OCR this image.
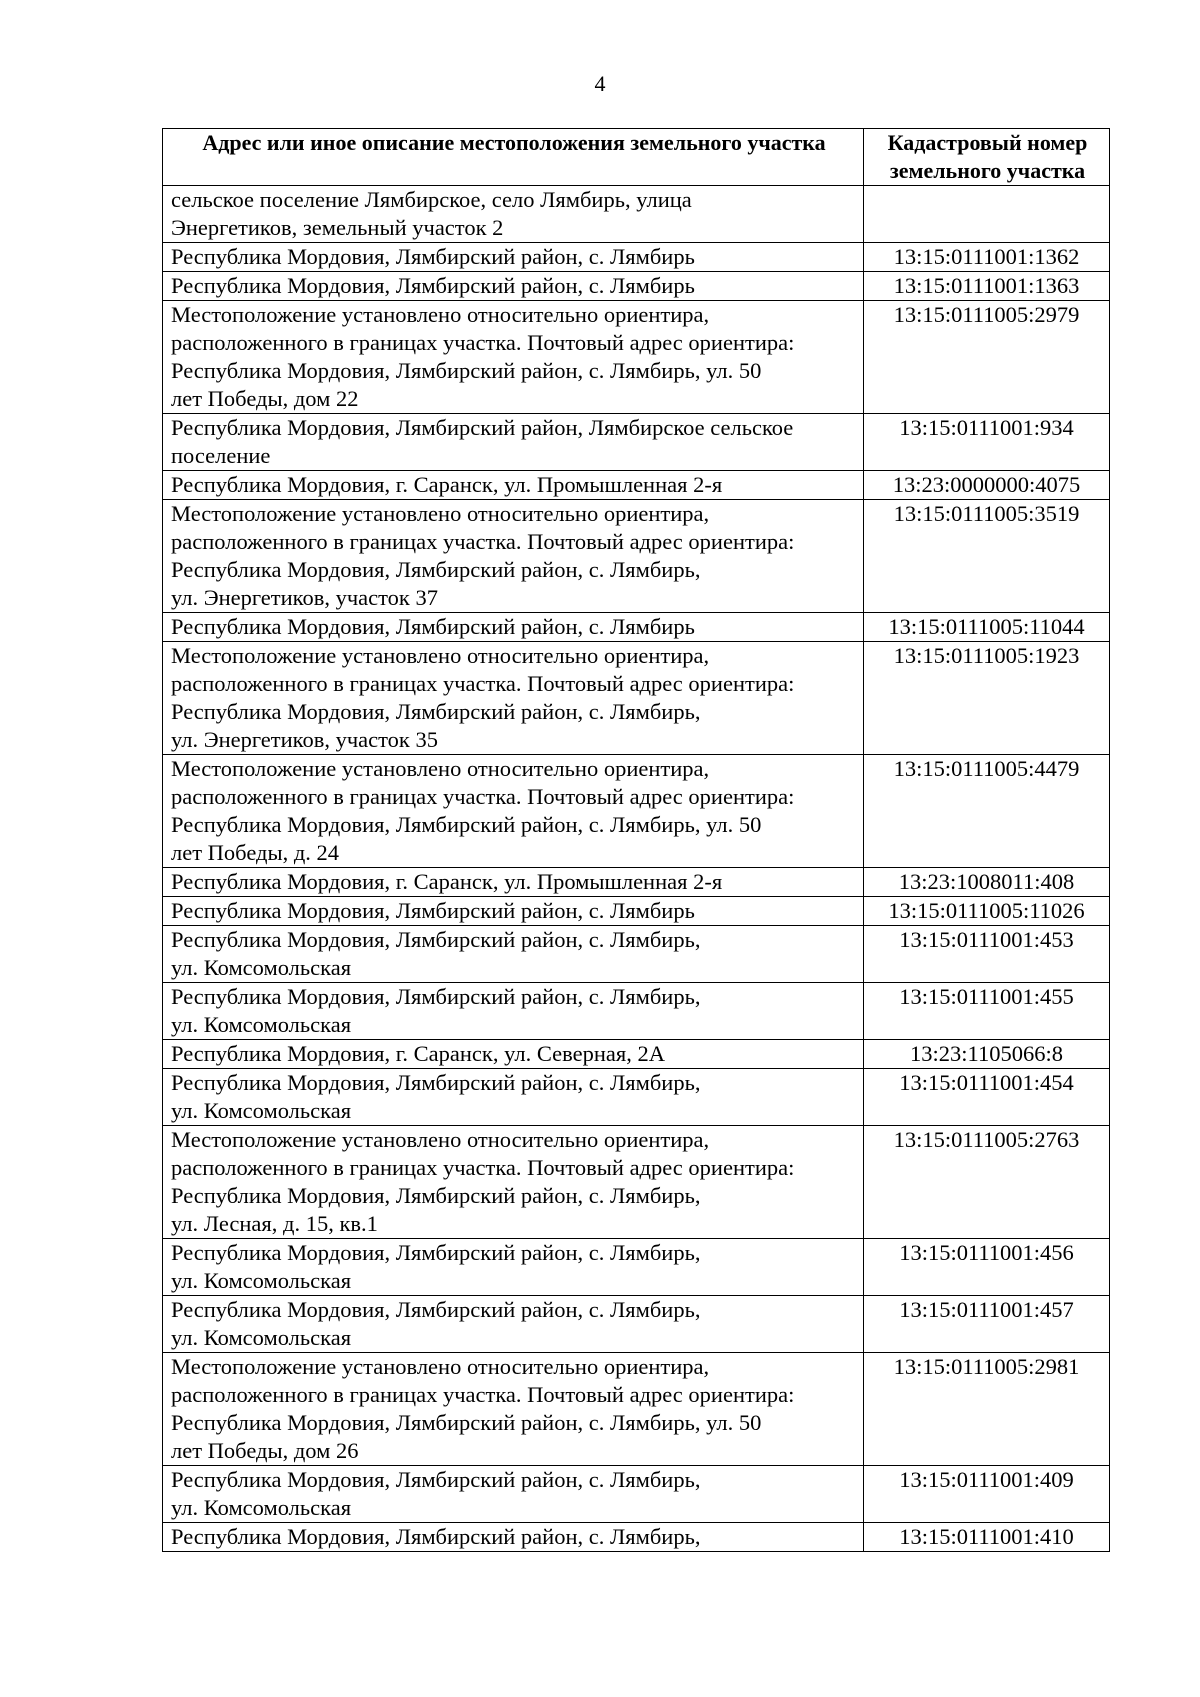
4
Адрес или иное описание местоположения земельного участка	Кадастровый номер земельного участка

сельское поселение Лямбирское, село Лямбирь, улица
Энергетиков, земельный участок 2	

Республика Мордовия, Лямбирский район, с. Лямбирь	13:15:0111001:1362

Республика Мордовия, Лямбирский район, с. Лямбирь	13:15:0111001:1363

Местоположение установлено относительно ориентира,
расположенного в границах участка. Почтовый адрес ориентира:
Республика Мордовия, Лямбирский район, с. Лямбирь, ул. 50
лет Победы, дом 22	13:15:0111005:2979

Республика Мордовия, Лямбирский район, Лямбирское сельское
поселение	13:15:0111001:934

Республика Мордовия, г. Саранск, ул. Промышленная 2-я	13:23:0000000:4075

Местоположение установлено относительно ориентира,
расположенного в границах участка. Почтовый адрес ориентира:
Республика Мордовия, Лямбирский район, с. Лямбирь,
ул. Энергетиков, участок 37	13:15:0111005:3519

Республика Мордовия, Лямбирский район, с. Лямбирь	13:15:0111005:11044

Местоположение установлено относительно ориентира,
расположенного в границах участка. Почтовый адрес ориентира:
Республика Мордовия, Лямбирский район, с. Лямбирь,
ул. Энергетиков, участок 35	13:15:0111005:1923

Местоположение установлено относительно ориентира,
расположенного в границах участка. Почтовый адрес ориентира:
Республика Мордовия, Лямбирский район, с. Лямбирь, ул. 50
лет Победы, д. 24	13:15:0111005:4479

Республика Мордовия, г. Саранск, ул. Промышленная 2-я	13:23:1008011:408

Республика Мордовия, Лямбирский район, с. Лямбирь	13:15:0111005:11026

Республика Мордовия, Лямбирский район, с. Лямбирь,
ул. Комсомольская	13:15:0111001:453

Республика Мордовия, Лямбирский район, с. Лямбирь,
ул. Комсомольская	13:15:0111001:455

Республика Мордовия, г. Саранск, ул. Северная, 2А	13:23:1105066:8

Республика Мордовия, Лямбирский район, с. Лямбирь,
ул. Комсомольская	13:15:0111001:454

Местоположение установлено относительно ориентира,
расположенного в границах участка. Почтовый адрес ориентира:
Республика Мордовия, Лямбирский район, с. Лямбирь,
ул. Лесная, д. 15, кв.1	13:15:0111005:2763

Республика Мордовия, Лямбирский район, с. Лямбирь,
ул. Комсомольская	13:15:0111001:456

Республика Мордовия, Лямбирский район, с. Лямбирь,
ул. Комсомольская	13:15:0111001:457

Местоположение установлено относительно ориентира,
расположенного в границах участка. Почтовый адрес ориентира:
Республика Мордовия, Лямбирский район, с. Лямбирь, ул. 50
лет Победы, дом 26	13:15:0111005:2981

Республика Мордовия, Лямбирский район, с. Лямбирь,
ул. Комсомольская	13:15:0111001:409

Республика Мордовия, Лямбирский район, с. Лямбирь,	13:15:0111001:410
